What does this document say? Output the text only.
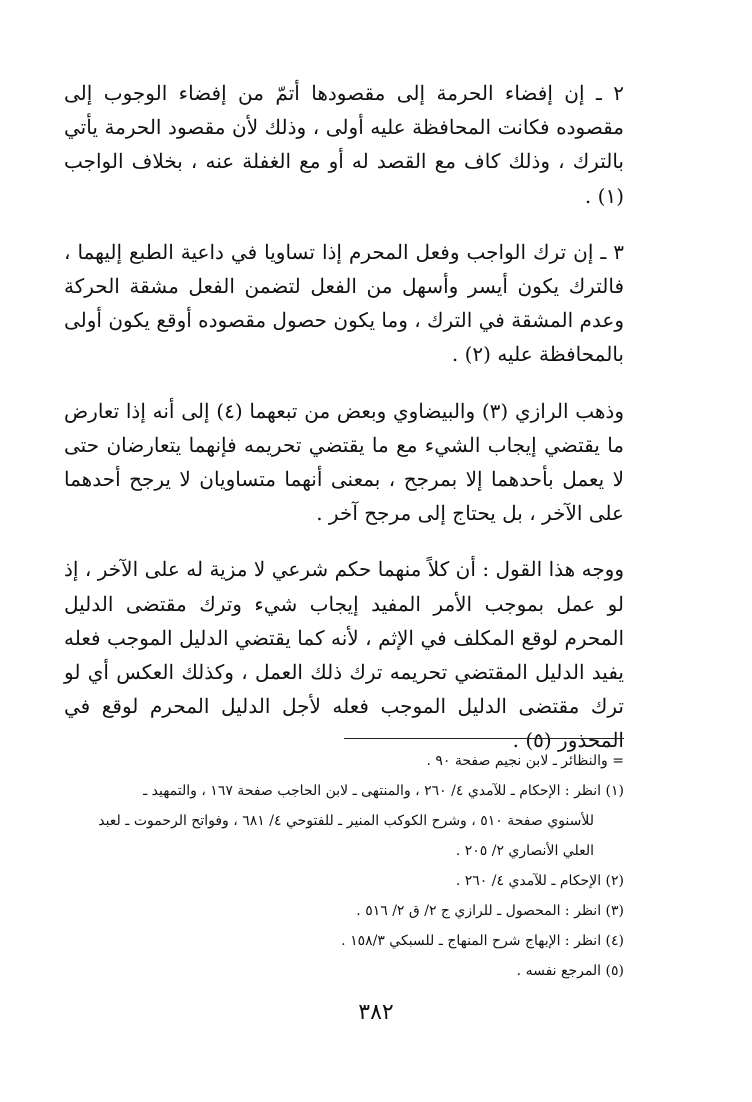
٢ ـ إن إفضاء الحرمة إلى مقصودها أتمّ من إفضاء الوجوب إلى مقصوده فكانت المحافظة عليه أولى ، وذلك لأن مقصود الحرمة يأتي بالترك ، وذلك كاف مع القصد له أو مع الغفلة عنه ، بخلاف الواجب (١) .

٣ ـ إن ترك الواجب وفعل المحرم إذا تساويا في داعية الطبع إليهما ، فالترك يكون أيسر وأسهل من الفعل لتضمن الفعل مشقة الحركة وعدم المشقة في الترك ، وما يكون حصول مقصوده أوقع يكون أولى بالمحافظة عليه (٢) .

وذهب الرازي (٣) والبيضاوي وبعض من تبعهما (٤) إلى أنه إذا تعارض ما يقتضي إيجاب الشيء مع ما يقتضي تحريمه فإنهما يتعارضان حتى لا يعمل بأحدهما إلا بمرجح ، بمعنى أنهما متساويان لا يرجح أحدهما على الآخر ، بل يحتاج إلى مرجح آخر .

ووجه هذا القول : أن كلاً منهما حكم شرعي لا مزية له على الآخر ، إذ لو عمل بموجب الأمر المفيد إيجاب شيء وترك مقتضى الدليل المحرم لوقع المكلف في الإثم ، لأنه كما يقتضي الدليل الموجب فعله يفيد الدليل المقتضي تحريمه ترك ذلك العمل ، وكذلك العكس أي لو ترك مقتضى الدليل الموجب فعله لأجل الدليل المحرم لوقع في المحذور (٥) .

= والنظائر ـ لابن نجيم صفحة ٩٠ .

(١) انظر : الإحكام ـ للآمدي ٤/ ٢٦٠ ، والمنتهى ـ لابن الحاجب صفحة ١٦٧ ، والتمهيد ـ

للأسنوي صفحة ٥١٠ ، وشرح الكوكب المنير ـ للفتوحي ٤/ ٦٨١ ، وفواتح الرحموت ـ لعبد

العلي الأنصاري ٢/ ٢٠٥ .

(٢) الإحكام ـ للآمدي ٤/ ٢٦٠ .

(٣) انظر : المحصول ـ للرازي ج ٢/ ق ٢/ ٥١٦ .

(٤) انظر : الإبهاج شرح المنهاج ـ للسبكي ١٥٨/٣ .

(٥) المرجع نفسه .

٣٨٢
